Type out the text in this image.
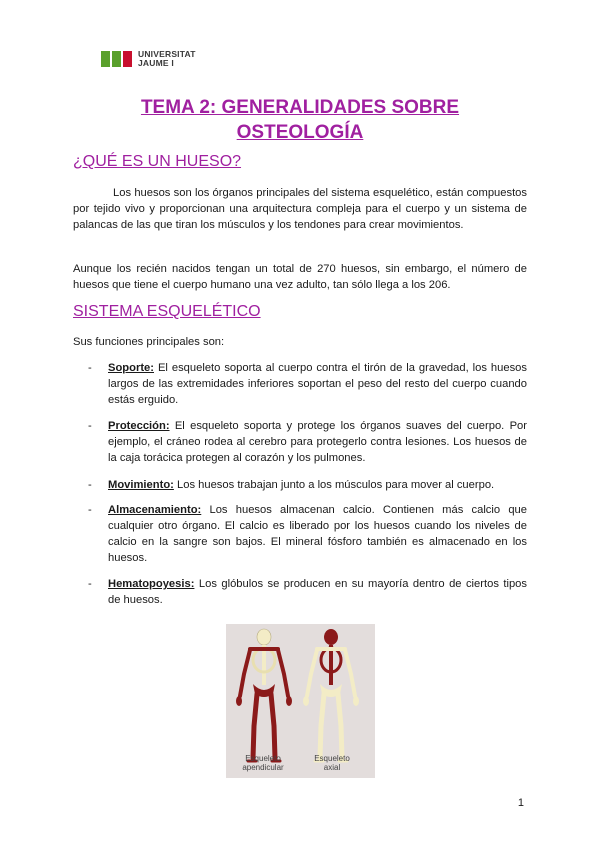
UNIVERSITAT
JAUME I
TEMA 2: GENERALIDADES SOBRE
OSTEOLOGÍA
¿QUÉ ES UN HUESO?

Los huesos son los órganos principales del sistema esquelético, están compuestos por tejido vivo y proporcionan una arquitectura compleja para el cuerpo y un sistema de palancas de las que tiran los músculos y los tendones para crear movimientos.

Aunque los recién nacidos tengan un total de 270 huesos, sin embargo, el número de huesos que tiene el cuerpo humano una vez adulto, tan sólo llega a los 206.

SISTEMA ESQUELÉTICO

Sus funciones principales son:

- Soporte: El esqueleto soporta al cuerpo contra el tirón de la gravedad, los huesos largos de las extremidades inferiores soportan el peso del resto del cuerpo cuando estás erguido.
- Protección: El esqueleto soporta y protege los órganos suaves del cuerpo. Por ejemplo, el cráneo rodea al cerebro para protegerlo contra lesiones. Los huesos de la caja torácica protegen al corazón y los pulmones.
- Movimiento: Los huesos trabajan junto a los músculos para mover al cuerpo.
- Almacenamiento: Los huesos almacenan calcio. Contienen más calcio que cualquier otro órgano. El calcio es liberado por los huesos cuando los niveles de calcio en la sangre son bajos. El mineral fósforo también es almacenado en los huesos.
- Hematopoyesis: Los glóbulos se producen en su mayoría dentro de ciertos tipos de huesos.
Esqueleto
apendicular
Esqueleto
axial
1
